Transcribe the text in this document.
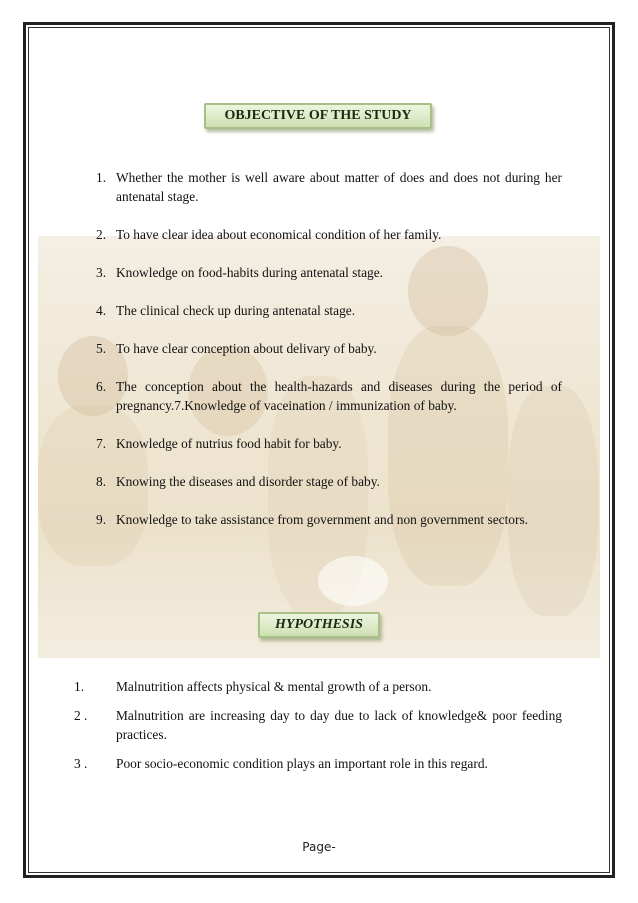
OBJECTIVE OF THE STUDY
1. Whether the mother is well aware about matter of does and does not during her antenatal stage.
2. To have clear idea about economical condition of her family.
3. Knowledge on food-habits during antenatal stage.
4. The clinical check up during antenatal stage.
5. To have clear conception about delivary of baby.
6. The conception about the health-hazards and diseases during the period of pregnancy.7.Knowledge of vaceination / immunization of baby.
7. Knowledge of nutrius food habit for baby.
8. Knowing the diseases and disorder stage of baby.
9. Knowledge to take assistance from government and non government sectors.
HYPOTHESIS
1. Malnutrition affects physical & mental growth of a person.
2 . Malnutrition are increasing day to day due to lack of knowledge& poor feeding practices.
3 . Poor socio-economic condition plays an important role in this regard.
Page-
